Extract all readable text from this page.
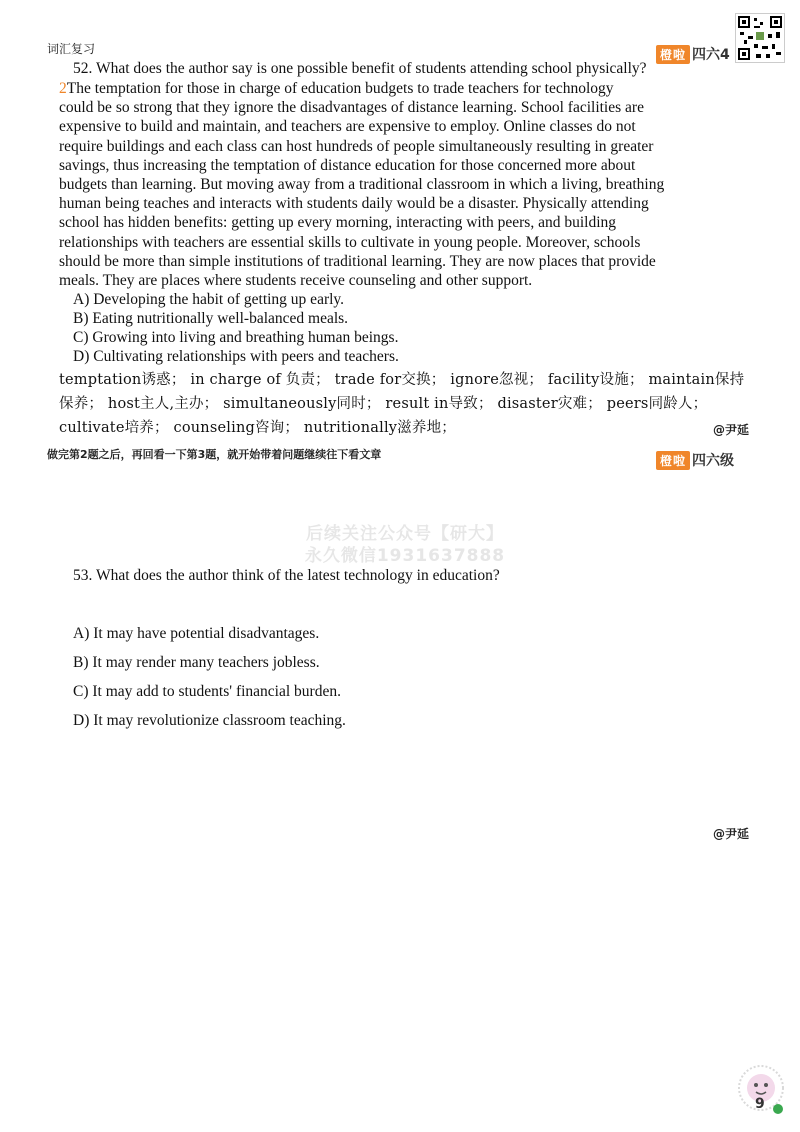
词汇复习	橙啦 四六4
52. What does the author say is one possible benefit of students attending school physically?
2The temptation for those in charge of education budgets to trade teachers for technology
could be so strong that they ignore the disadvantages of distance learning. School facilities are
expensive to build and maintain, and teachers are expensive to employ. Online classes do not
require buildings and each class can host hundreds of people simultaneously resulting in greater
savings, thus increasing the temptation of distance education for those concerned more about
budgets than learning. But moving away from a traditional classroom in which a living, breathing
human being teaches and interacts with students daily would be a disaster. Physically attending
school has hidden benefits: getting up every morning, interacting with peers, and building
relationships with teachers are essential skills to cultivate in young people. Moreover, schools
should be more than simple institutions of traditional learning. They are now places that provide
meals. They are places where students receive counseling and other support.
A) Developing the habit of getting up early.
B) Eating nutritionally well-balanced meals.
C) Growing into living and breathing human beings.
D) Cultivating relationships with peers and teachers.
temptation诱惑； in charge of 负责； trade for交换； ignore忽视； facility设施； maintain保持
保养； host主人,主办； simultaneously同时； result in导致； disaster灾难； peers同龄人；
cultivate培养； counseling咨询； nutritionally滋养地；	@尹延
做完第2题之后，再回看一下第3题，就开始带着问题继续往下看文章	橙啦 四六级
后续关注公众号【研大】
永久微信1931637888
53. What does the author think of the latest technology in education?
A) It may have potential disadvantages.
B) It may render many teachers jobless.
C) It may add to students' financial burden.
D) It may revolutionize classroom teaching.
@尹延
9
